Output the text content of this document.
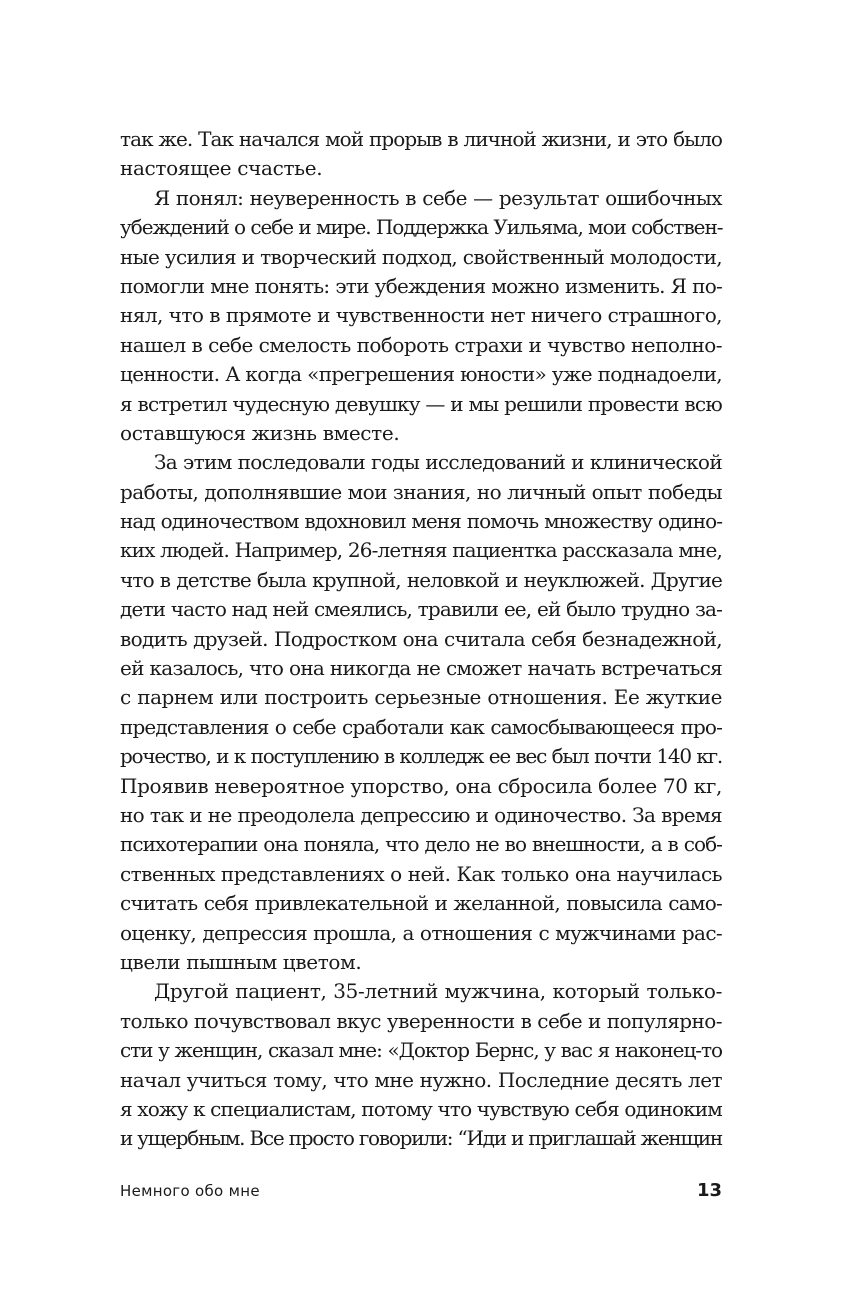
так же. Так начался мой прорыв в личной жизни, и это было
настоящее счастье.
Я понял: неуверенность в себе — результат ошибочных
убеждений о себе и мире. Поддержка Уильяма, мои собствен-
ные усилия и творческий подход, свойственный молодости,
помогли мне понять: эти убеждения можно изменить. Я по-
нял, что в прямоте и чувственности нет ничего страшного,
нашел в себе смелость побороть страхи и чувство неполно-
ценности. А когда «прегрешения юности» уже поднадоели,
я встретил чудесную девушку — и мы решили провести всю
оставшуюся жизнь вместе.
За этим последовали годы исследований и клинической
работы, дополнявшие мои знания, но личный опыт победы
над одиночеством вдохновил меня помочь множеству одино-
ких людей. Например, 26-летняя пациентка рассказала мне,
что в детстве была крупной, неловкой и неуклюжей. Другие
дети часто над ней смеялись, травили ее, ей было трудно за-
водить друзей. Подростком она считала себя безнадежной,
ей казалось, что она никогда не сможет начать встречаться
с парнем или построить серьезные отношения. Ее жуткие
представления о себе сработали как самосбывающееся про-
рочество, и к поступлению в колледж ее вес был почти 140 кг.
Проявив невероятное упорство, она сбросила более 70 кг,
но так и не преодолела депрессию и одиночество. За время
психотерапии она поняла, что дело не во внешности, а в соб-
ственных представлениях о ней. Как только она научилась
считать себя привлекательной и желанной, повысила само-
оценку, депрессия прошла, а отношения с мужчинами рас-
цвели пышным цветом.
Другой пациент, 35-летний мужчина, который только-
только почувствовал вкус уверенности в себе и популярно-
сти у женщин, сказал мне: «Доктор Бернс, у вас я наконец-то
начал учиться тому, что мне нужно. Последние десять лет
я хожу к специалистам, потому что чувствую себя одиноким
и ущербным. Все просто говорили: “Иди и приглашай женщин
Немного обо мне	13
